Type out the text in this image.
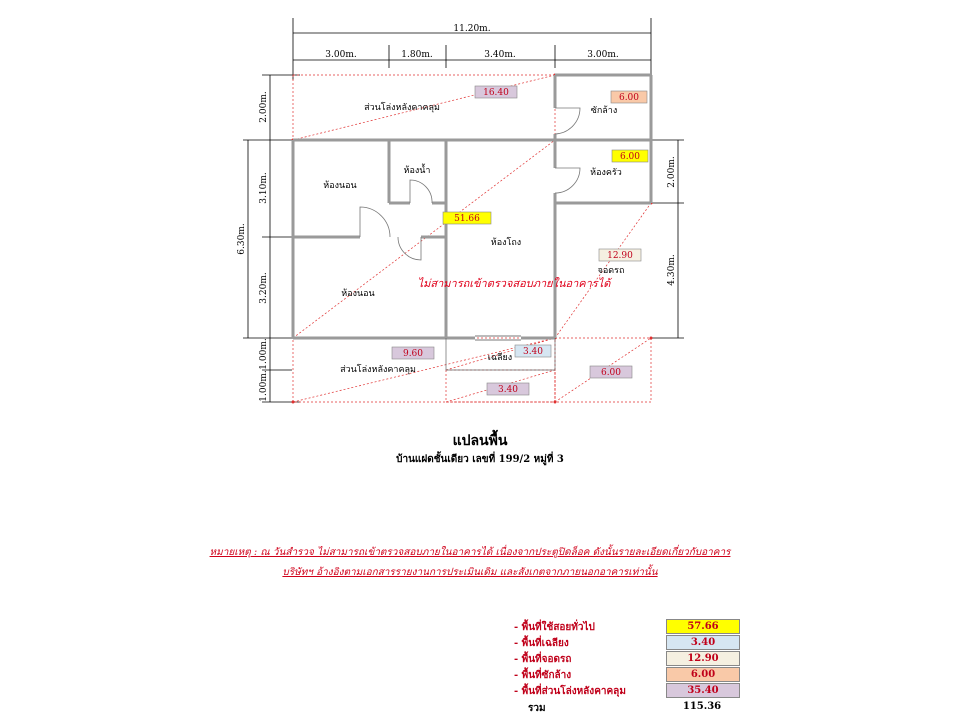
11.20m.
3.00m.	1.80m.	3.40m.	3.00m.
6.30m.
2.00m.
3.10m.
3.20m.
1.00m.
1.00m.
2.00m.
4.30m.
ห้องนอน
ห้องน้ำ
ห้องนอน
ห้องโถง
ซักล้าง
ห้องครัว
จอดรถ
เฉลียง
ส่วนโล่งหลังคาคลุม
ส่วนโล่งหลังคาคลุม
ไม่สามารถเข้าตรวจสอบภายในอาคารได้
16.40	6.00
6.00
51.66
12.90
9.60	3.40
3.40
6.00
แปลนพื้น
บ้านแฝดชั้นเดียว เลขที่ 199/2 หมู่ที่ 3
หมายเหตุ : ณ วันสำรวจ ไม่สามารถเข้าตรวจสอบภายในอาคารได้ เนื่องจากประตูปิดล็อค ดังนั้นรายละเอียดเกี่ยวกับอาคาร
บริษัทฯ อ้างอิงตามเอกสารรายงานการประเมินเดิม และสังเกตจากภายนอกอาคารเท่านั้น
- พื้นที่ใช้สอยทั่วไป	57.66
- พื้นที่เฉลียง	3.40
- พื้นที่จอดรถ	12.90
- พื้นที่ซักล้าง	6.00
- พื้นที่ส่วนโล่งหลังคาคลุม	35.40
รวม	115.36
